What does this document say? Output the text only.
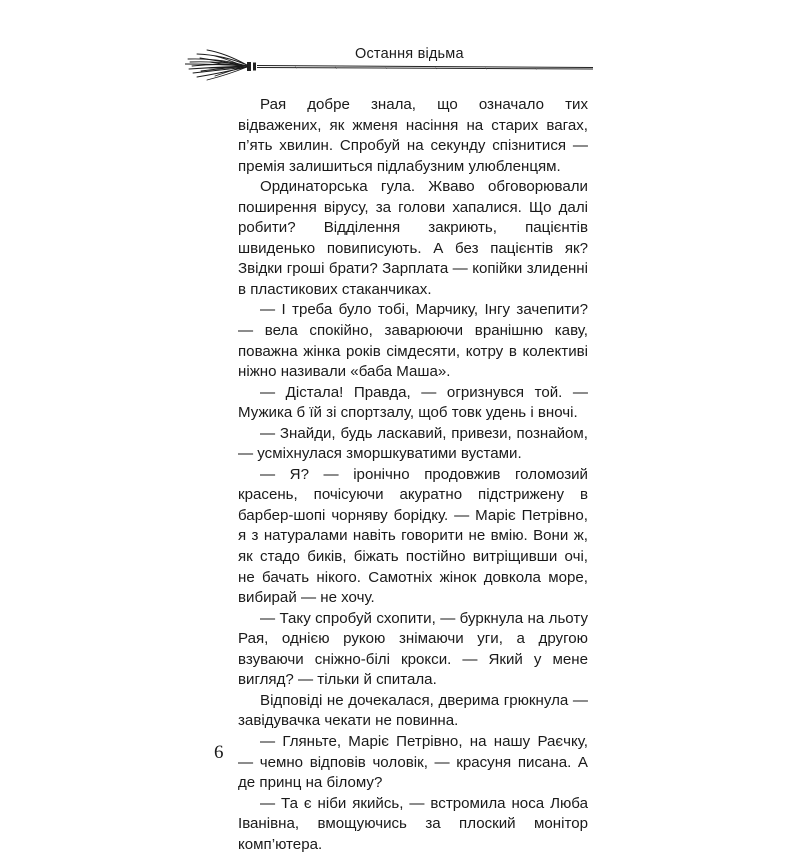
Остання відьма

Рая добре знала, що означало тих відважених, як жменя насіння на старих вагах, п’ять хвилин. Спробуй на секунду спізнитися — премія залишиться підлабузним улюбленцям.

Ординаторська гула. Жваво обговорювали поширення вірусу, за голови хапалися. Що далі робити? Відділення закриють, пацієнтів швиденько повиписують. А без пацієнтів як? Звідки гроші брати? Зарплата — копійки злиденні в пластикових стаканчиках.

— І треба було тобі, Марчику, Інгу зачепити? — вела спокійно, заварюючи вранішню каву, поважна жінка років сімдесяти, котру в колективі ніжно називали «баба Маша».

— Дістала! Правда, — огризнувся той. — Мужика б їй зі спортзалу, щоб товк удень і вночі.

— Знайди, будь ласкавий, привези, познайом, — усміхнулася зморшкуватими вустами.

— Я? — іронічно продовжив голомозий красень, почісуючи акуратно підстрижену в барбер-шопі чорняву борідку. — Маріє Петрівно, я з натуралами навіть говорити не вмію. Вони ж, як стадо биків, біжать постійно витріщивши очі, не бачать нікого. Самотніх жінок довкола море, вибирай — не хочу.

— Таку спробуй схопити, — буркнула на льоту Рая, однією рукою знімаючи уги, а другою взуваючи сніжно-білі крокси. — Який у мене вигляд? — тільки й спитала.

Відповіді не дочекалася, дверима грюкнула — завідувачка чекати не повинна.

— Гляньте, Маріє Петрівно, на нашу Раєчку, — чемно відповів чоловік, — красуня писана. А де принц на білому?

— Та є ніби якийсь, — встромила носа Люба Іванівна, вмощуючись за плоский монітор комп’ютера.

6
